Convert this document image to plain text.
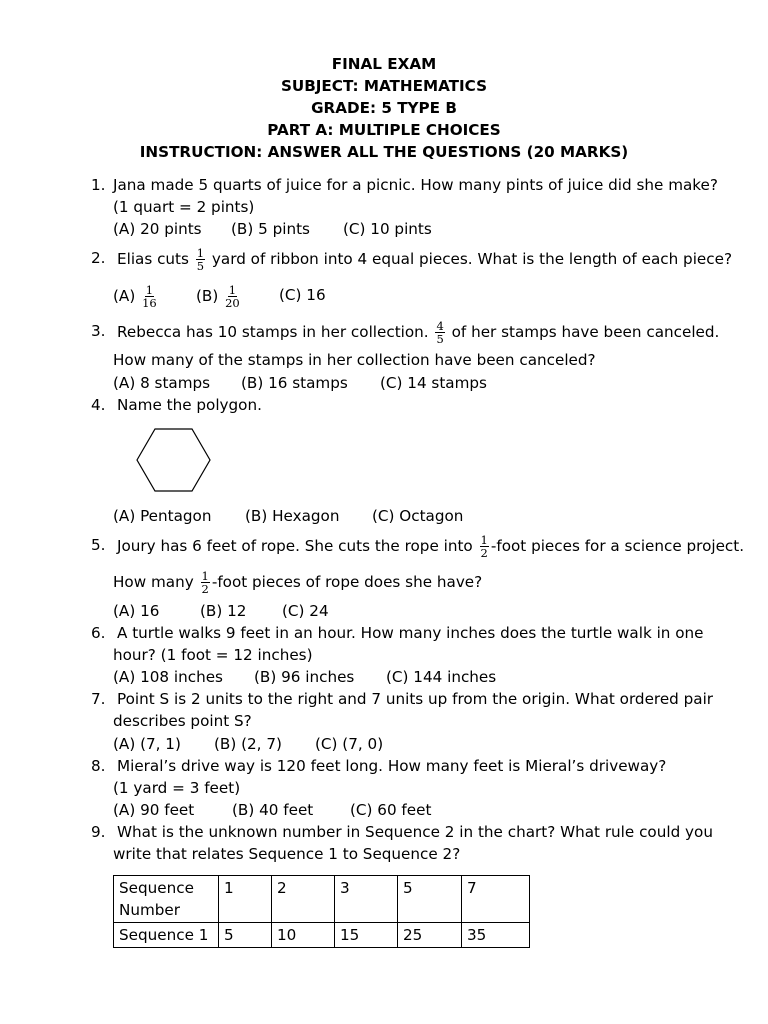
FINAL EXAM
SUBJECT: MATHEMATICS
GRADE: 5 TYPE B
PART A: MULTIPLE CHOICES
INSTRUCTION: ANSWER ALL THE QUESTIONS (20 MARKS)
1. Jana made 5 quarts of juice for a picnic. How many pints of juice did she make?
(1 quart = 2 pints)
(A) 20 pints (B) 5 pints (C) 10 pints
2. Elias cuts $\frac{1}{5}$ yard of ribbon into 4 equal pieces. What is the length of each piece?
$(A) \frac{1}{16}$	$(B) \frac{1}{20}$	(C) 16
3. Rebecca has 10 stamps in her collection. $\frac{4}{5}$ of her stamps have been canceled.
How many of the stamps in her collection have been canceled?
(A) 8 stamps (B) 16 stamps (C) 14 stamps
4. Name the polygon.
(A) Pentagon (B) Hexagon (C) Octagon
5. Joury has 6 feet of rope. She cuts the rope into $\frac{1}{2}$ -foot pieces for a science project.
How many $\frac{1}{2}$ -foot pieces of rope does she have?
(A) 16	(B) 12 (C) 24
6. A turtle walks 9 feet in an hour. How many inches does the turtle walk in one
hour? (1 foot = 12 inches)
(A) 108 inches (B) 96 inches (C) 144 inches
7. Point S is 2 units to the right and 7 units up from the origin. What ordered pair
describes point S?
(A) (7, 1) (B) (2, 7) (C) (7, 0)
8. Mieral’s drive way is 120 feet long. How many feet is Mieral’s driveway?
(1 yard = 3 feet)
(A) 90 feet (B) 40 feet (C) 60 feet
9. What is the unknown number in Sequence 2 in the chart? What rule could you
write that relates Sequence 1 to Sequence 2?
Sequence Number	1	2	3	5	7
Sequence 1	5	10	15	25	35
